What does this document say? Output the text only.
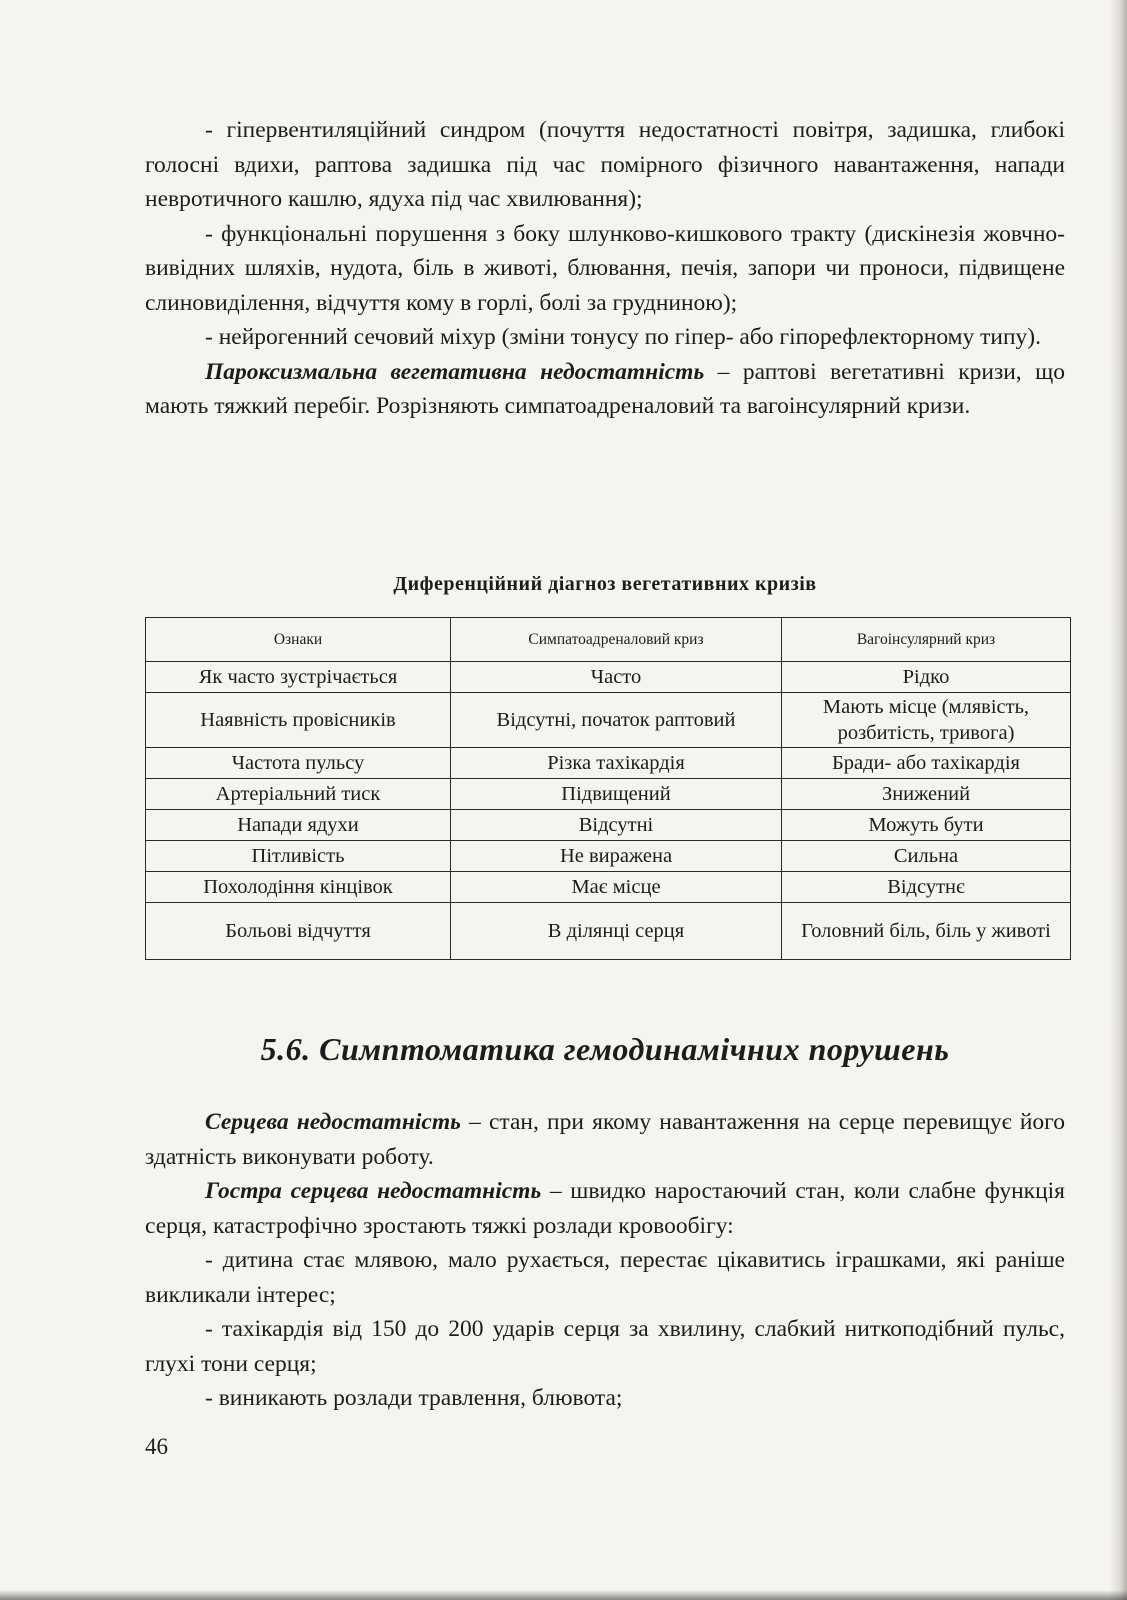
- гіпервентиляційний синдром (почуття недостатності повітря, задишка, глибокі голосні вдихи, раптова задишка під час помірного фізичного навантаження, напади невротичного кашлю, ядуха під час хвилювання);

- функціональні порушення з боку шлунково-кишкового тракту (дискінезія жовчно-вивідних шляхів, нудота, біль в животі, блювання, печія, запори чи проноси, підвищене слиновиділення, відчуття кому в горлі, болі за грудниною);

- нейрогенний сечовий міхур (зміни тонусу по гіпер- або гіпорефлекторному типу).

Пароксизмальна вегетативна недостатність – раптові вегетативні кризи, що мають тяжкий перебіг. Розрізняють симпатоадреналовий та вагоінсулярний кризи.

Диференційний діагноз вегетативних кризів
Ознаки	Симпатоадреналовий криз	Вагоінсулярний криз
Як часто зустрічається	Часто	Рідко
Наявність провісників	Відсутні, початок раптовий	Мають місце (млявість, розбитість, тривога)
Частота пульсу	Різка тахікардія	Бради- або тахікардія
Артеріальний тиск	Підвищений	Знижений
Напади ядухи	Відсутні	Можуть бути
Пітливість	Не виражена	Сильна
Похолодіння кінцівок	Має місце	Відсутнє
Больові відчуття	В ділянці серця	Головний біль, біль у животі
5.6. Симптоматика гемодинамічних порушень

Серцева недостатність – стан, при якому навантаження на серце перевищує його здатність виконувати роботу.

Гостра серцева недостатність – швидко наростаючий стан, коли слабне функція серця, катастрофічно зростають тяжкі розлади кровообігу:

- дитина стає млявою, мало рухається, перестає цікавитись іграшками, які раніше викликали інтерес;

- тахікардія від 150 до 200 ударів серця за хвилину, слабкий ниткоподібний пульс, глухі тони серця;

- виникають розлади травлення, блювота;

46
